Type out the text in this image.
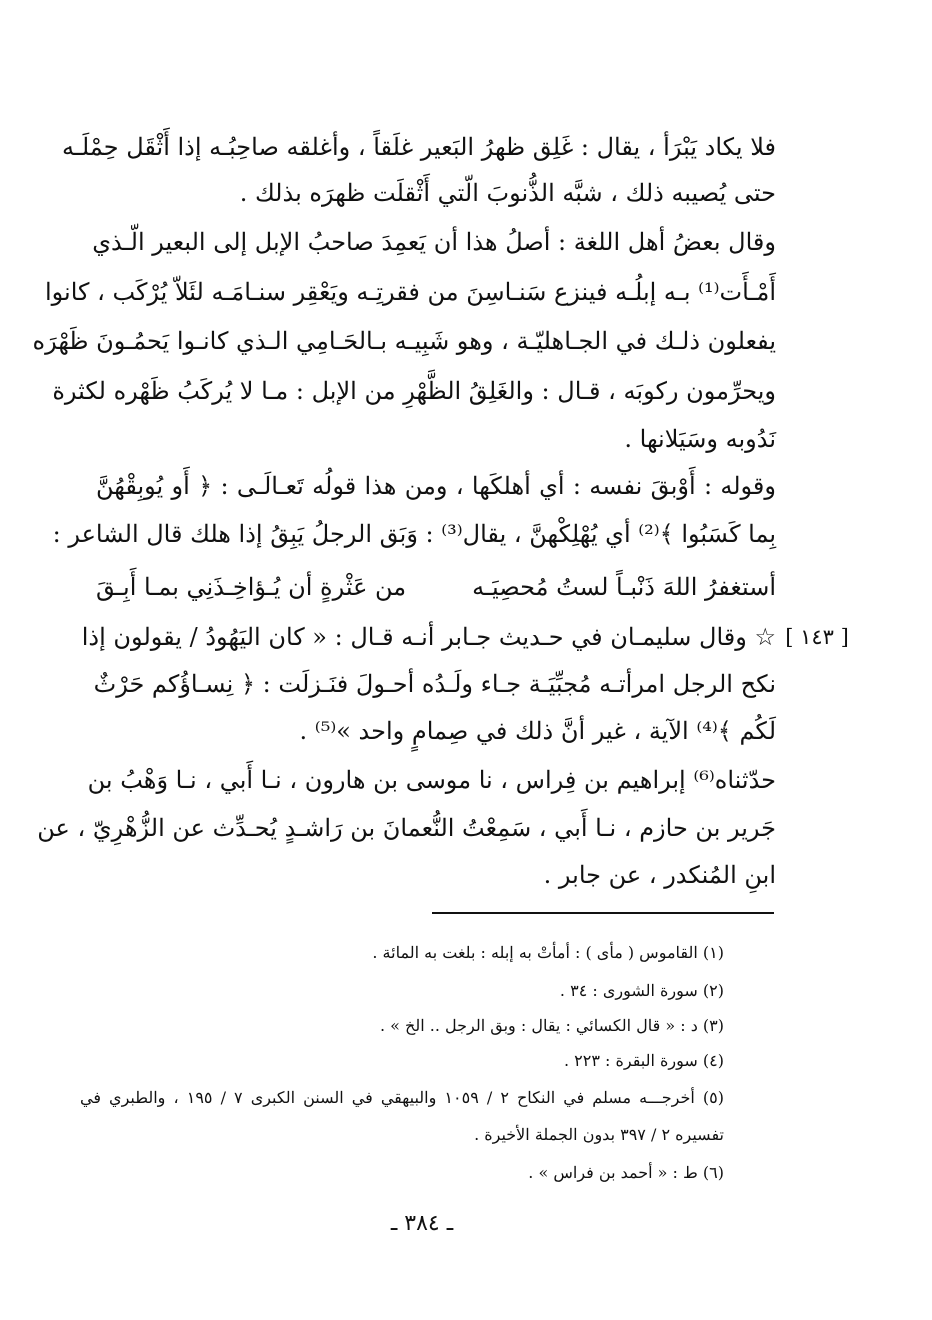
فلا يكاد يَبْرَأ ، يقال : غَلِق ظهرُ البَعير غلَقاً ، وأغلقه صاحِبُـه إذا أَثْقَل حِمْلَـه
حتى يُصيبه ذلك ، شبَّه الذُّنوبَ الّتي أَثْقلَت ظهرَه بذلك .
وقال بعضُ أهل اللغة : أصلُ هذا أن يَعمِدَ صاحبُ الإبل إلى البعير الّـذي
أَمْـأَت⁽¹⁾ بـه إبلُـه فينزع سَنـاسِنَ من فقرتِـه ويَعْقِر سنـامَـه لئَلاّ يُرْكَب ، كانوا
يفعلون ذلـك في الجـاهليّـة ، وهو شَبِيـه بـالحَـامِي الـذي كانـوا يَحمُـونَ ظَهْرَه
ويحرِّمون ركوبَه ، قـال : والغَلِقُ الظَّهْرِ من الإبل : مـا لا يُركَبُ ظَهْره لكثرة
نَدُوبه وسَيَلانها .
وقوله : أَوْبقَ نفسه : أي أهلكَها ، ومن هذا قولُه تَعـالَـى : ﴿ أَو يُوبِقْهُنَّ
بِما كَسَبُوا ﴾⁽²⁾ أي يُهْلِكْهنَّ ، يقال⁽³⁾ : وَبَق الرجلُ يَبِقُ إذا هلك قال الشاعر :
أستغفرُ اللهَ ذَنْبـاً لستُ مُحصِيَـه
من عَثْرةٍ أن يُـؤاخِـذَنِي بمـا أَبِـقَ
☆ وقال سليمـان في حـديث جـابر أنـه قـال : « كان اليَهُودُ / يقولون إذا
نكح الرجل امرأتـه مُجبِّيَـة جـاء ولَـدُه أحـولَ فنَـزلَت : ﴿ نِسـاؤُكم حَرْثٌ
لَكُم ﴾⁽⁴⁾ الآية ، غير أنَّ ذلك في صِمامٍ واحد »⁽⁵⁾ .
حدّثناه⁽⁶⁾ إبراهيم بن فِراس ، نا موسى بن هارون ، نـا أَبي ، نـا وَهْبُ بن
جَرير بن حازم ، نـا أَبي ، سَمِعْتُ النُّعمانَ بن رَاشـدٍ يُحـدِّث عن الزُّهْرِيّ ، عن
ابنِ المُنكدر ، عن جابر .
[ ١٤٣ ]
(١) القاموس ( مأى ) : أمأتْ به إبله : بلغت به المائة .
(٢) سورة الشورى : ٣٤ .
(٣) د : « قال الكسائي : يقال : وبق الرجل .. الخ » .
(٤) سورة البقرة : ٢٢٣ .
(٥) أخرجـــه مسلم في النكاح ٢ / ١٠٥٩ والبيهقي في السنن الكبرى ٧ / ١٩٥ ، والطبري في
تفسيره ٢ / ٣٩٧ بدون الجملة الأخيرة .
(٦) ط : « أحمد بن فراس » .
ـ ٣٨٤ ـ
